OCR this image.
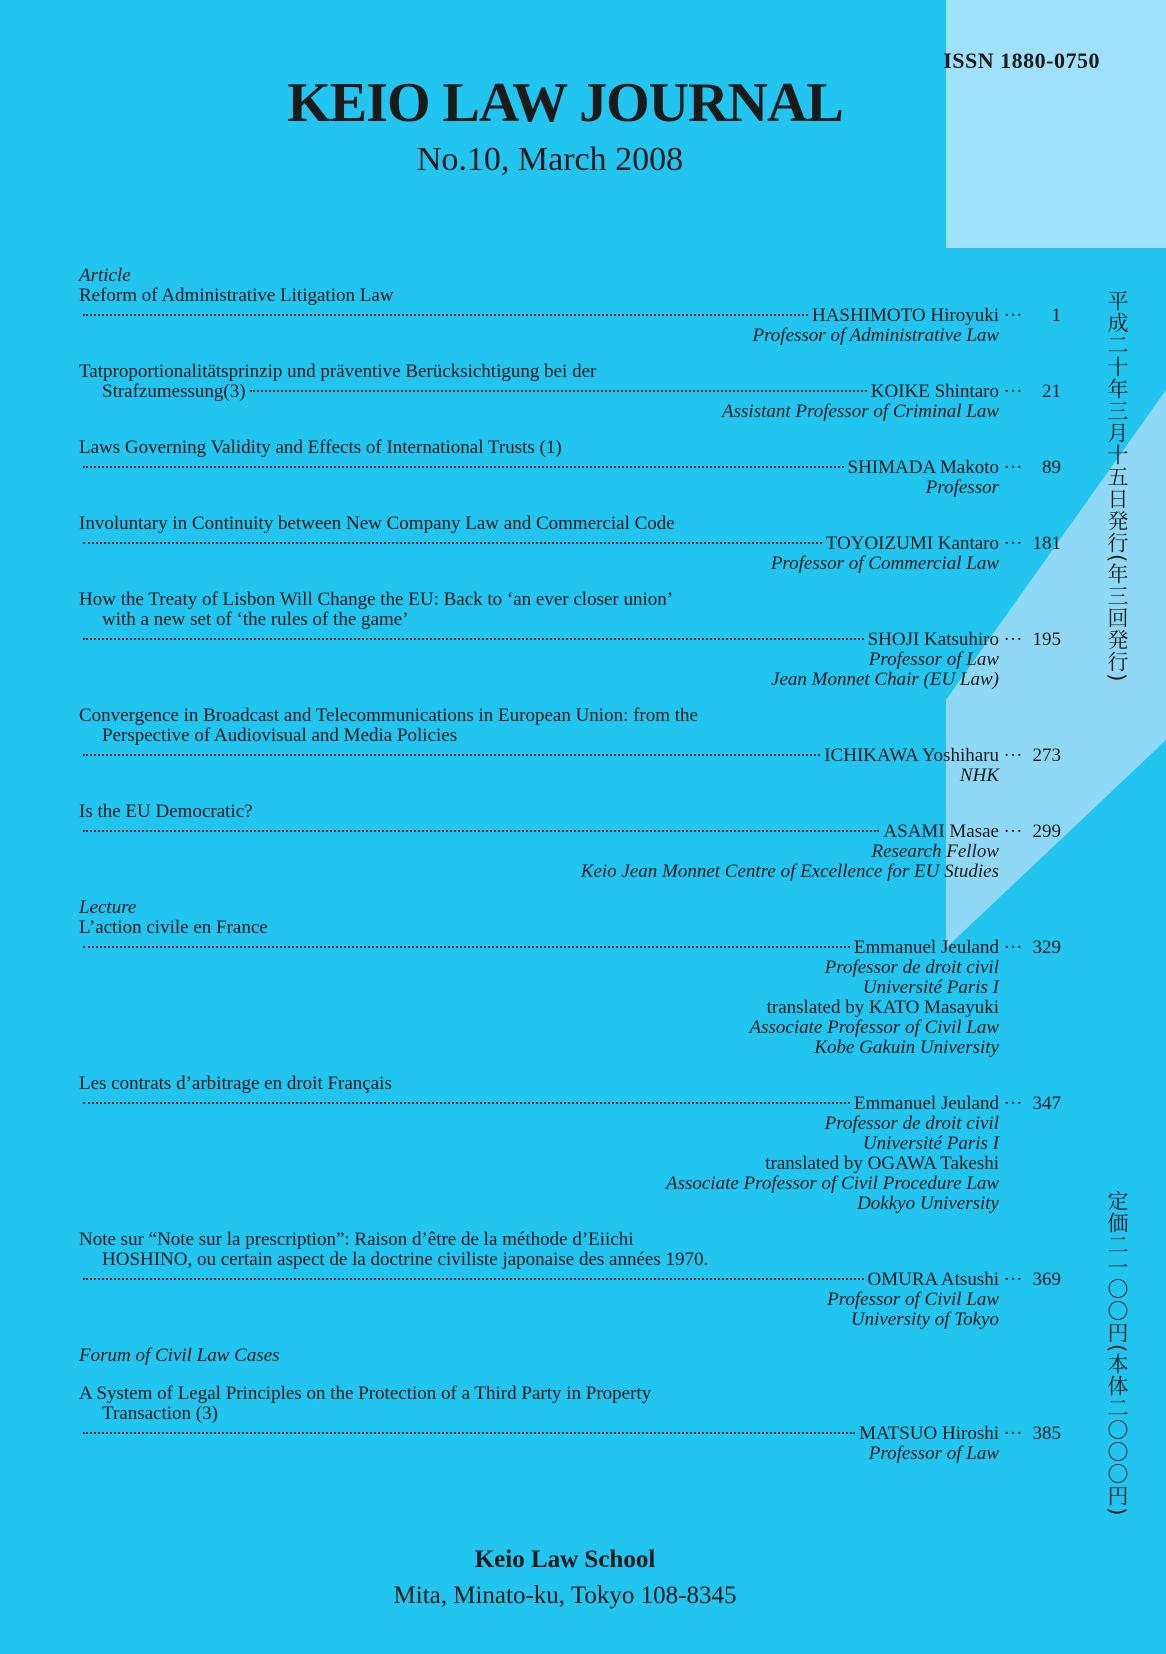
ISSN 1880-0750
KEIO LAW JOURNAL
No.10, March 2008
Article
Reform of Administrative Litigation Law
HASHIMOTO Hiroyuki ···	1
Professor of Administrative Law
Tatproportionalitätsprinzip und präventive Berücksichtigung bei der
Strafzumessung(3)	KOIKE Shintaro ···	21
Assistant Professor of Criminal Law
Laws Governing Validity and Effects of International Trusts (1)
SHIMADA Makoto ···	89
Professor
Involuntary in Continuity between New Company Law and Commercial Code
TOYOIZUMI Kantaro ··· 181
Professor of Commercial Law
How the Treaty of Lisbon Will Change the EU: Back to ‘an ever closer union’
with a new set of ‘the rules of the game’
SHOJI Katsuhiro ··· 195
Professor of Law
Jean Monnet Chair (EU Law)
Convergence in Broadcast and Telecommunications in European Union: from the
Perspective of Audiovisual and Media Policies
ICHIKAWA Yoshiharu ··· 273
NHK
Is the EU Democratic?
ASAMI Masae ··· 299
Research Fellow
Keio Jean Monnet Centre of Excellence for EU Studies
Lecture
L’action civile en France
Emmanuel Jeuland ··· 329
Professor de droit civil
Université Paris I
translated by KATO Masayuki
Associate Professor of Civil Law
Kobe Gakuin University
Les contrats d’arbitrage en droit Français
Emmanuel Jeuland ··· 347
Professor de droit civil
Université Paris I
translated by OGAWA Takeshi
Associate Professor of Civil Procedure Law
Dokkyo University
Note sur “Note sur la prescription”: Raison d’être de la méthode d’Eiichi
HOSHINO, ou certain aspect de la doctrine civiliste japonaise des années 1970.
OMURA Atsushi ··· 369
Professor of Civil Law
University of Tokyo
Forum of Civil Law Cases
A System of Legal Principles on the Protection of a Third Party in Property
Transaction (3)
MATSUO Hiroshi ··· 385
Professor of Law
平成二十年三月十五日発行(年三回発行)
定価二一〇〇円(本体二〇〇〇円)
Keio Law School
Mita, Minato-ku, Tokyo 108-8345
